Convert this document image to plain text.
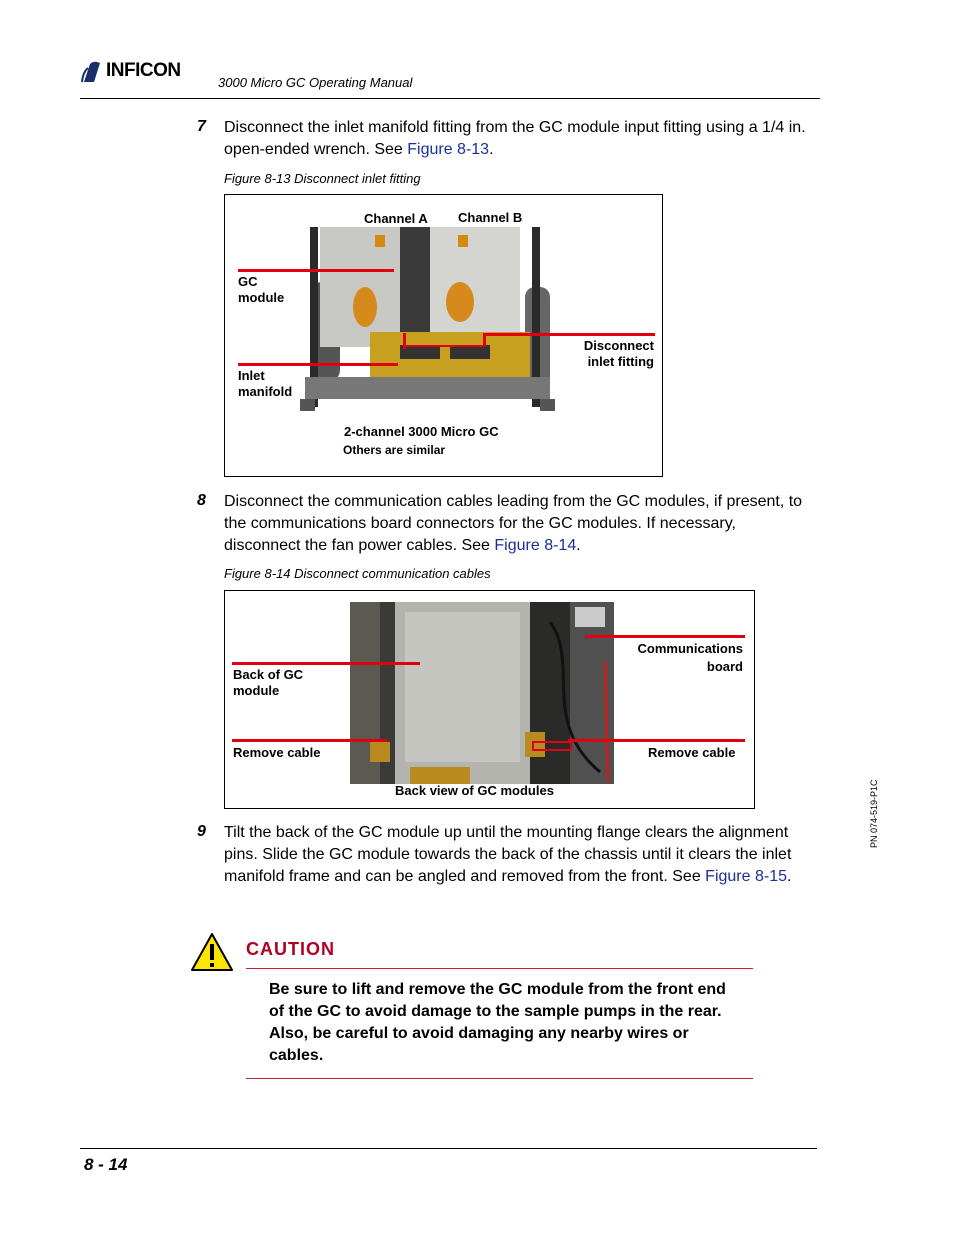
INFICON
3000 Micro GC Operating Manual
7 Disconnect the inlet manifold fitting from the GC module input fitting using a 1/4 in. open-ended wrench. See Figure 8-13.
Figure 8-13 Disconnect inlet fitting
Channel A Channel B
GC module
Disconnect inlet fitting
Inlet manifold
2-channel 3000 Micro GC
Others are similar
8 Disconnect the communication cables leading from the GC modules, if present, to the communications board connectors for the GC modules. If necessary, disconnect the fan power cables. See Figure 8-14.
Figure 8-14 Disconnect communication cables
Back of GC module
Remove cable
Communications board
Remove cable
Back view of GC modules
9 Tilt the back of the GC module up until the mounting flange clears the alignment pins. Slide the GC module towards the back of the chassis until it clears the inlet manifold frame and can be angled and removed from the front. See Figure 8-15.
CAUTION
Be sure to lift and remove the GC module from the front end of the GC to avoid damage to the sample pumps in the rear. Also, be careful to avoid damaging any nearby wires or cables.
PN 074-519-P1C
8 - 14
